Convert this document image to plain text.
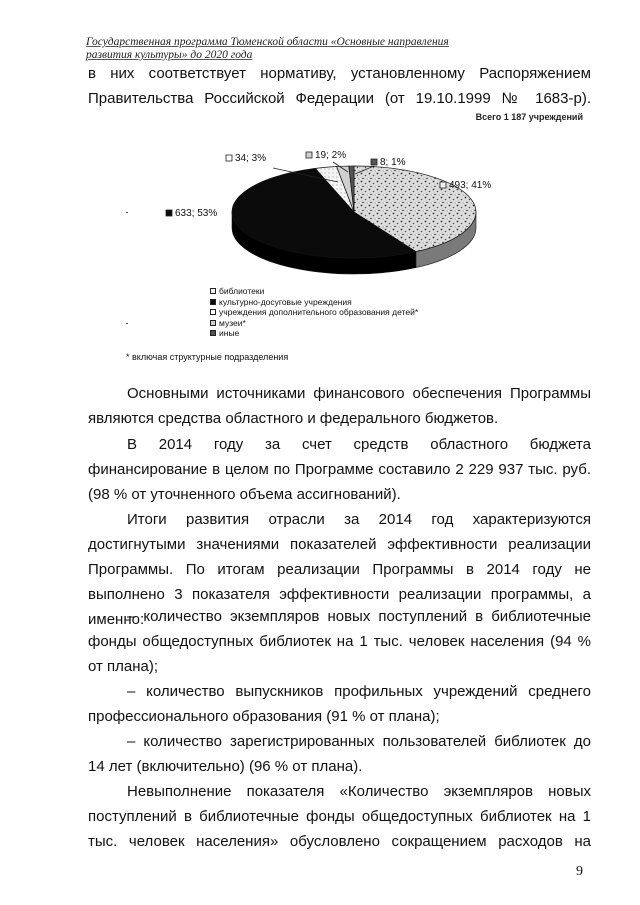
Государственная программа Тюменской области «Основные направления
развития культуры» до 2020 года
в них соответствует нормативу, установленному Распоряжением Правительства Российской Федерации (от 19.10.1999 № 1683-р).
Всего 1 187 учреждений
493; 41%
633; 53%
34; 3%	19; 2%
8; 1%
библиотеки
культурно-досуговые учреждения
учреждения дополнительного образования детей*
музеи*
иные
* включая структурные подразделения
Основными источниками финансового обеспечения Программы являются средства областного и федерального бюджетов.
В 2014 году за счет средств областного бюджета финансирование в целом по Программе составило 2 229 937 тыс. руб. (98 % от уточненного объема ассигнований).
Итоги развития отрасли за 2014 год характеризуются достигнутыми значениями показателей эффективности реализации Программы. По итогам реализации Программы в 2014 году не выполнено 3 показателя эффективности реализации программы, а именно:
– количество экземпляров новых поступлений в библиотечные фонды общедоступных библиотек на 1 тыс. человек населения (94 % от плана);
– количество выпускников профильных учреждений среднего профессионального образования (91 % от плана);
– количество зарегистрированных пользователей библиотек до 14 лет (включительно) (96 % от плана).
Невыполнение показателя «Количество экземпляров новых поступлений в библиотечные фонды общедоступных библиотек на 1 тыс. человек населения» обусловлено сокращением расходов на
9
